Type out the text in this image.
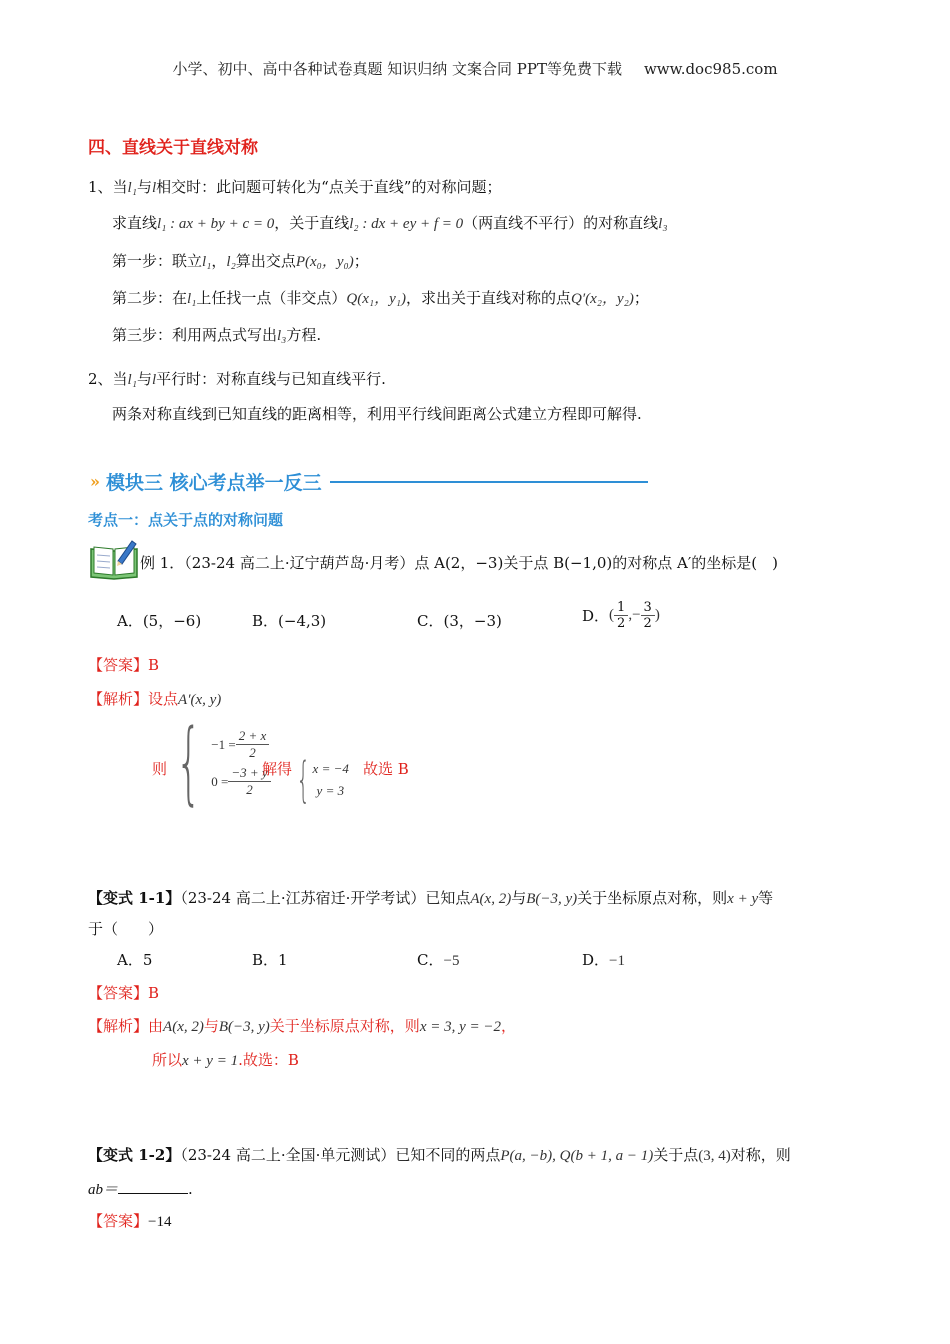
小学、初中、高中各种试卷真题 知识归纳 文案合同 PPT等免费下载 www.doc985.com
四、直线关于直线对称
1、当l₁与l相交时：此问题可转化为“点关于直线”的对称问题；
求直线l₁ : ax + by + c = 0，关于直线l₂ : dx + ey + f = 0（两直线不平行）的对称直线l₃
第一步：联立l₁，l₂算出交点P(x₀，y₀)；
第二步：在l₁上任找一点（非交点）Q(x₁，y₁)，求出关于直线对称的点Q′(x₂，y₂)；
第三步：利用两点式写出l₃方程.
2、当l₁与l平行时：对称直线与已知直线平行.
两条对称直线到已知直线的距离相等，利用平行线间距离公式建立方程即可解得.
» 模块三 核心考点举一反三
考点一：点关于点的对称问题
例 1．（23-24 高二上·辽宁葫芦岛·月考）点 A(2，−3)关于点 B(−1,0)的对称点 A′的坐标是(　)
A．(5，−6)	B．(−4,3)	C．(3，−3)	D． ( $\frac{1}{2}$ ,− $\frac{3}{2}$ )
【答案】B
【解析】设点A′(x, y)
则 { $-1 = \frac{2 + x}{2}$
$0 = \frac{-3 + y}{2}$
解得 { x = −4
y = 3
故选 B
【变式 1-1】（23-24 高二上·江苏宿迁·开学考试）已知点A(x, 2)与B(−3, y)关于坐标原点对称，则x + y等
于（　　）
A．5	B．1	C．−5	D．−1
【答案】B
【解析】由A(x, 2)与B(−3, y)关于坐标原点对称，则x = 3, y = −2，
所以x + y = 1.故选：B
【变式 1-2】（23-24 高二上·全国·单元测试）已知不同的两点P(a, −b), Q(b + 1, a − 1)关于点(3, 4)对称，则
ab＝	.
【答案】−14
